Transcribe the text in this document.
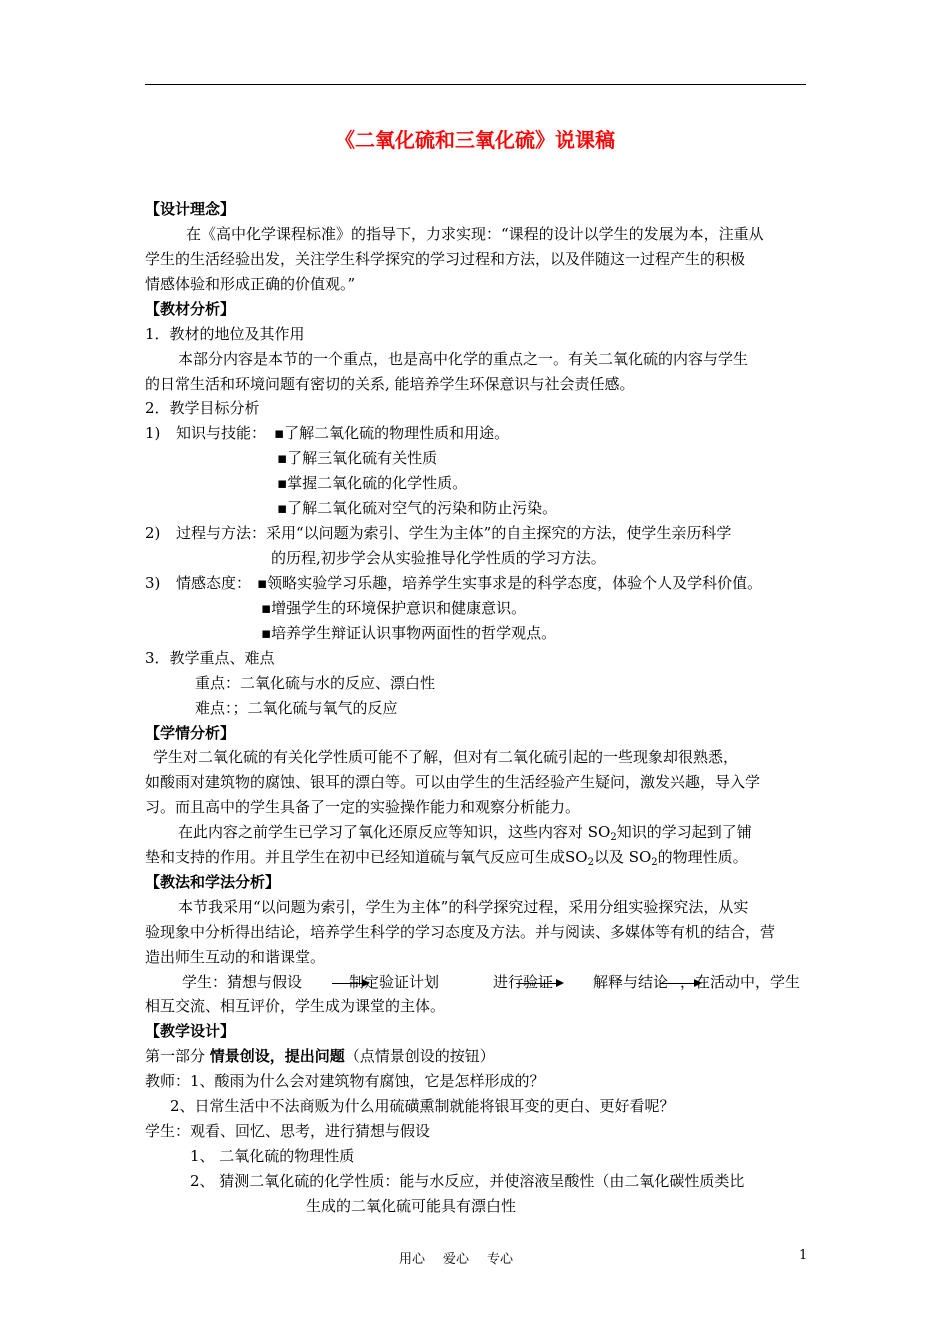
《二氧化硫和三氧化硫》说课稿
【设计理念】
在《高中化学课程标准》的指导下，力求实现：“课程的设计以学生的发展为本，注重从
学生的生活经验出发，关注学生科学探究的学习过程和方法，以及伴随这一过程产生的积极
情感体验和形成正确的价值观。”
【教材分析】
1．教材的地位及其作用
本部分内容是本节的一个重点，也是高中化学的重点之一。有关二氧化硫的内容与学生
的日常生活和环境问题有密切的关系, 能培养学生环保意识与社会责任感。
2．教学目标分析
1) 知识与技能： ▪了解二氧化硫的物理性质和用途。
▪了解三氧化硫有关性质
▪掌握二氧化硫的化学性质。
▪了解二氧化硫对空气的污染和防止污染。
2) 过程与方法：采用“以问题为索引、学生为主体”的自主探究的方法，使学生亲历科学
的历程,初步学会从实验推导化学性质的学习方法。
3) 情感态度： ▪领略实验学习乐趣，培养学生实事求是的科学态度，体验个人及学科价值。
▪增强学生的环境保护意识和健康意识。
▪培养学生辩证认识事物两面性的哲学观点。
3．教学重点、难点
重点：二氧化硫与水的反应、漂白性
难点：；二氧化硫与氧气的反应
【学情分析】
学生对二氧化硫的有关化学性质可能不了解，但对有二氧化硫引起的一些现象却很熟悉，
如酸雨对建筑物的腐蚀、银耳的漂白等。可以由学生的生活经验产生疑问，激发兴趣，导入学
习。而且高中的学生具备了一定的实验操作能力和观察分析能力。
在此内容之前学生已学习了氧化还原反应等知识，这些内容对 $SO_2$知识的学习起到了铺
垫和支持的作用。并且学生在初中已经知道硫与氧气反应可生成$SO_2$以及 $SO_2$的物理性质。
【教法和学法分析】
本节我采用“以问题为索引，学生为主体”的科学探究过程，采用分组实验探究法，从实
验现象中分析得出结论，培养学生科学的学习态度及方法。并与阅读、多媒体等有机的结合，营
造出师生互动的和谐课堂。
学生：猜想与假设	制定验证计划	进行验证	解释与结论 ，在活动中，学生
相互交流、相互评价，学生成为课堂的主体。
【教学设计】
第一部分 情景创设，提出问题（点情景创设的按钮）
教师：1、酸雨为什么会对建筑物有腐蚀，它是怎样形成的？
2、日常生活中不法商贩为什么用硫磺熏制就能将银耳变的更白、更好看呢？
学生：观看、回忆、思考，进行猜想与假设
1、 二氧化硫的物理性质
2、 猜测二氧化硫的化学性质：能与水反应，并使溶液呈酸性（由二氧化碳性质类比
生成的二氧化硫可能具有漂白性
用心 爱心 专心	1
